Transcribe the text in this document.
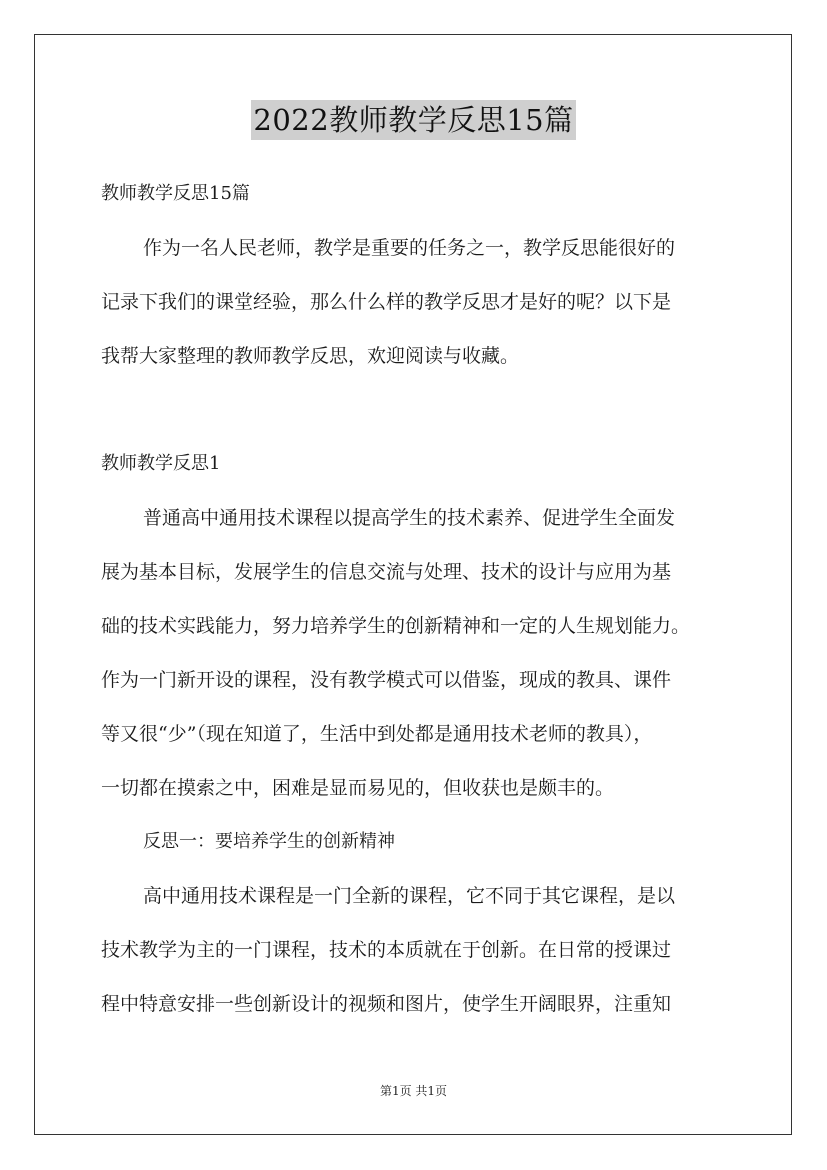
2022教师教学反思15篇
教师教学反思15篇
作为一名人民老师，教学是重要的任务之一，教学反思能很好的
记录下我们的课堂经验，那么什么样的教学反思才是好的呢？以下是
我帮大家整理的教师教学反思，欢迎阅读与收藏。
教师教学反思1
普通高中通用技术课程以提高学生的技术素养、促进学生全面发
展为基本目标，发展学生的信息交流与处理、技术的设计与应用为基
础的技术实践能力，努力培养学生的创新精神和一定的人生规划能力。
作为一门新开设的课程，没有教学模式可以借鉴，现成的教具、课件
等又很“少”（现在知道了，生活中到处都是通用技术老师的教具），
一切都在摸索之中，困难是显而易见的，但收获也是颇丰的。
反思一：要培养学生的创新精神
高中通用技术课程是一门全新的课程，它不同于其它课程，是以
技术教学为主的一门课程，技术的本质就在于创新。在日常的授课过
程中特意安排一些创新设计的视频和图片，使学生开阔眼界，注重知
第1页 共1页
